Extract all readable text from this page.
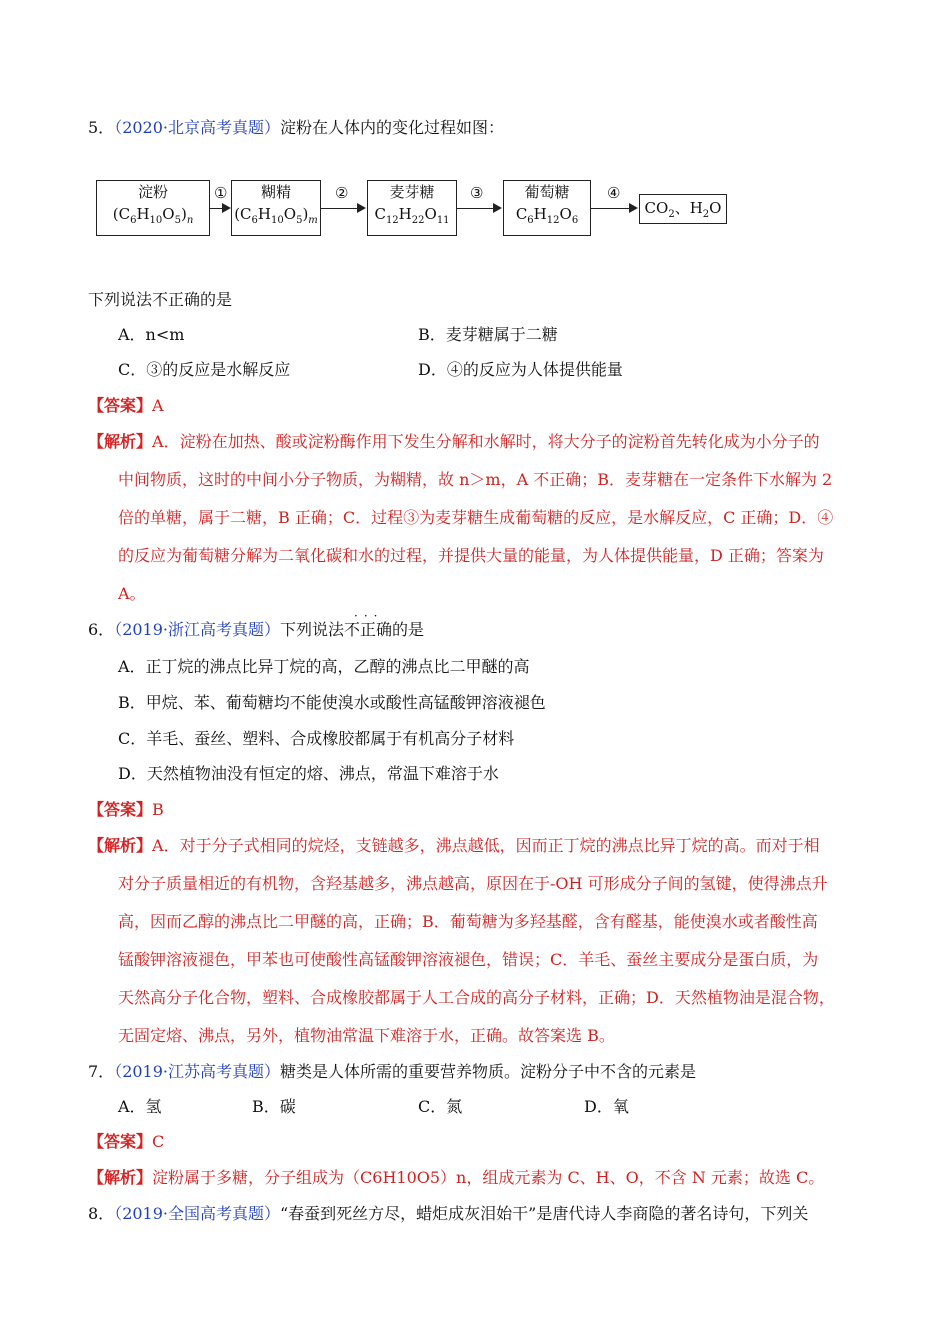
5．（2020·北京高考真题）淀粉在人体内的变化过程如图：
淀粉
$(C_6H_{10}O_5)_n$
①	糊精
$(C_6H_{10}O_5)_m$
②	麦芽糖
$C_{12}H_{22}O_{11}$
③	葡萄糖
$C_6H_{12}O_6$
④
$CO_2$、$H_2O$
下列说法不正确的是
A．n<m	B．麦芽糖属于二糖
C．③的反应是水解反应	D．④的反应为人体提供能量
【答案】A
【解析】A．淀粉在加热、酸或淀粉酶作用下发生分解和水解时，将大分子的淀粉首先转化成为小分子的
中间物质，这时的中间小分子物质，为糊精，故 n＞m，A 不正确；B．麦芽糖在一定条件下水解为 2
倍的单糖，属于二糖，B 正确；C．过程③为麦芽糖生成葡萄糖的反应，是水解反应，C 正确；D．④
的反应为葡萄糖分解为二氧化碳和水的过程，并提供大量的能量，为人体提供能量，D 正确；答案为
A。
···
6．（2019·浙江高考真题）下列说法不正确的是
A．正丁烷的沸点比异丁烷的高，乙醇的沸点比二甲醚的高
B．甲烷、苯、葡萄糖均不能使溴水或酸性高锰酸钾溶液褪色
C．羊毛、蚕丝、塑料、合成橡胶都属于有机高分子材料
D．天然植物油没有恒定的熔、沸点，常温下难溶于水
【答案】B
【解析】A．对于分子式相同的烷烃，支链越多，沸点越低，因而正丁烷的沸点比异丁烷的高。而对于相
对分子质量相近的有机物，含羟基越多，沸点越高，原因在于-OH 可形成分子间的氢键，使得沸点升
高，因而乙醇的沸点比二甲醚的高，正确；B．葡萄糖为多羟基醛，含有醛基，能使溴水或者酸性高
锰酸钾溶液褪色，甲苯也可使酸性高锰酸钾溶液褪色，错误；C．羊毛、蚕丝主要成分是蛋白质，为
天然高分子化合物，塑料、合成橡胶都属于人工合成的高分子材料，正确；D．天然植物油是混合物，
无固定熔、沸点，另外，植物油常温下难溶于水，正确。故答案选 B。
7．（2019·江苏高考真题）糖类是人体所需的重要营养物质。淀粉分子中不含的元素是
A．氢	B．碳	C．氮	D．氧
【答案】C
【解析】淀粉属于多糖，分子组成为（C6H10O5）n，组成元素为 C、H、O，不含 N 元素；故选 C。
8．（2019·全国高考真题）“春蚕到死丝方尽，蜡炬成灰泪始干”是唐代诗人李商隐的著名诗句，下列关
